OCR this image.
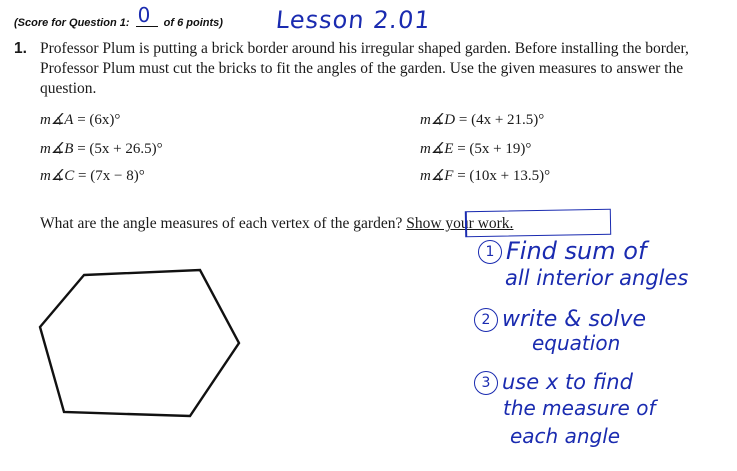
(Score for Question 1: 0 of 6 points) Lesson 2.01
1. Professor Plum is putting a brick border around his irregular shaped garden. Before installing the border, Professor Plum must cut the bricks to fit the angles of the garden. Use the given measures to answer the question.
m∡A = (6x)°
m∡B = (5x + 26.5)°
m∡C = (7x − 8)°
m∡D = (4x + 21.5)°
m∡E = (5x + 19)°
m∡F = (10x + 13.5)°
What are the angle measures of each vertex of the garden? Show your work.
1 Find sum of
all interior angles
2 write & solve
equation
3 use x to find
the measure of
each angle
